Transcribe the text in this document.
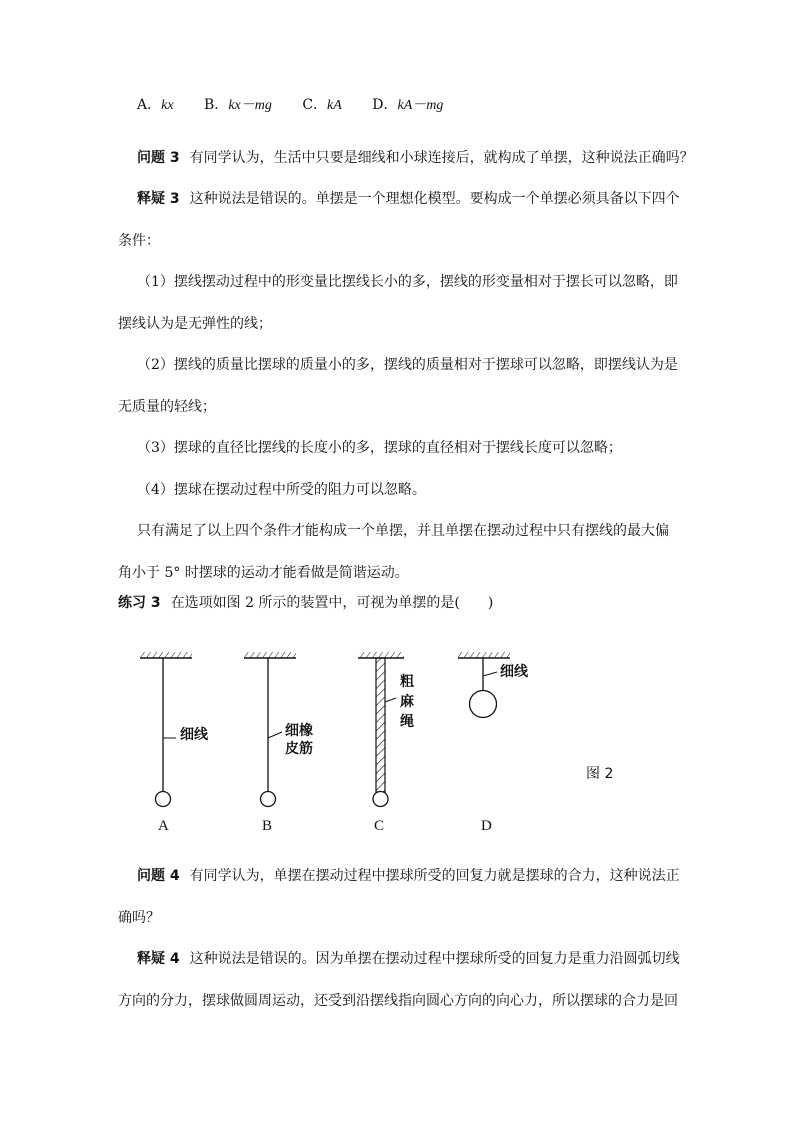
A．kx B．kx－mg C．kA D．kA－mg
问题 3 有同学认为，生活中只要是细线和小球连接后，就构成了单摆，这种说法正确吗？
释疑 3 这种说法是错误的。单摆是一个理想化模型。要构成一个单摆必须具备以下四个
条件：
（1）摆线摆动过程中的形变量比摆线长小的多，摆线的形变量相对于摆长可以忽略，即
摆线认为是无弹性的线；
（2）摆线的质量比摆球的质量小的多，摆线的质量相对于摆球可以忽略，即摆线认为是
无质量的轻线；
（3）摆球的直径比摆线的长度小的多，摆球的直径相对于摆线长度可以忽略；
（4）摆球在摆动过程中所受的阻力可以忽略。
只有满足了以上四个条件才能构成一个单摆，并且单摆在摆动过程中只有摆线的最大偏
角小于 5° 时摆球的运动才能看做是简谐运动。
练习 3 在选项如图 2 所示的装置中，可视为单摆的是(　　)
细线
A
细橡
皮筋
B
粗
麻
绳
C
细线
D
图 2
问题 4 有同学认为，单摆在摆动过程中摆球所受的回复力就是摆球的合力，这种说法正
确吗？
释疑 4 这种说法是错误的。因为单摆在摆动过程中摆球所受的回复力是重力沿圆弧切线
方向的分力，摆球做圆周运动，还受到沿摆线指向圆心方向的向心力，所以摆球的合力是回
